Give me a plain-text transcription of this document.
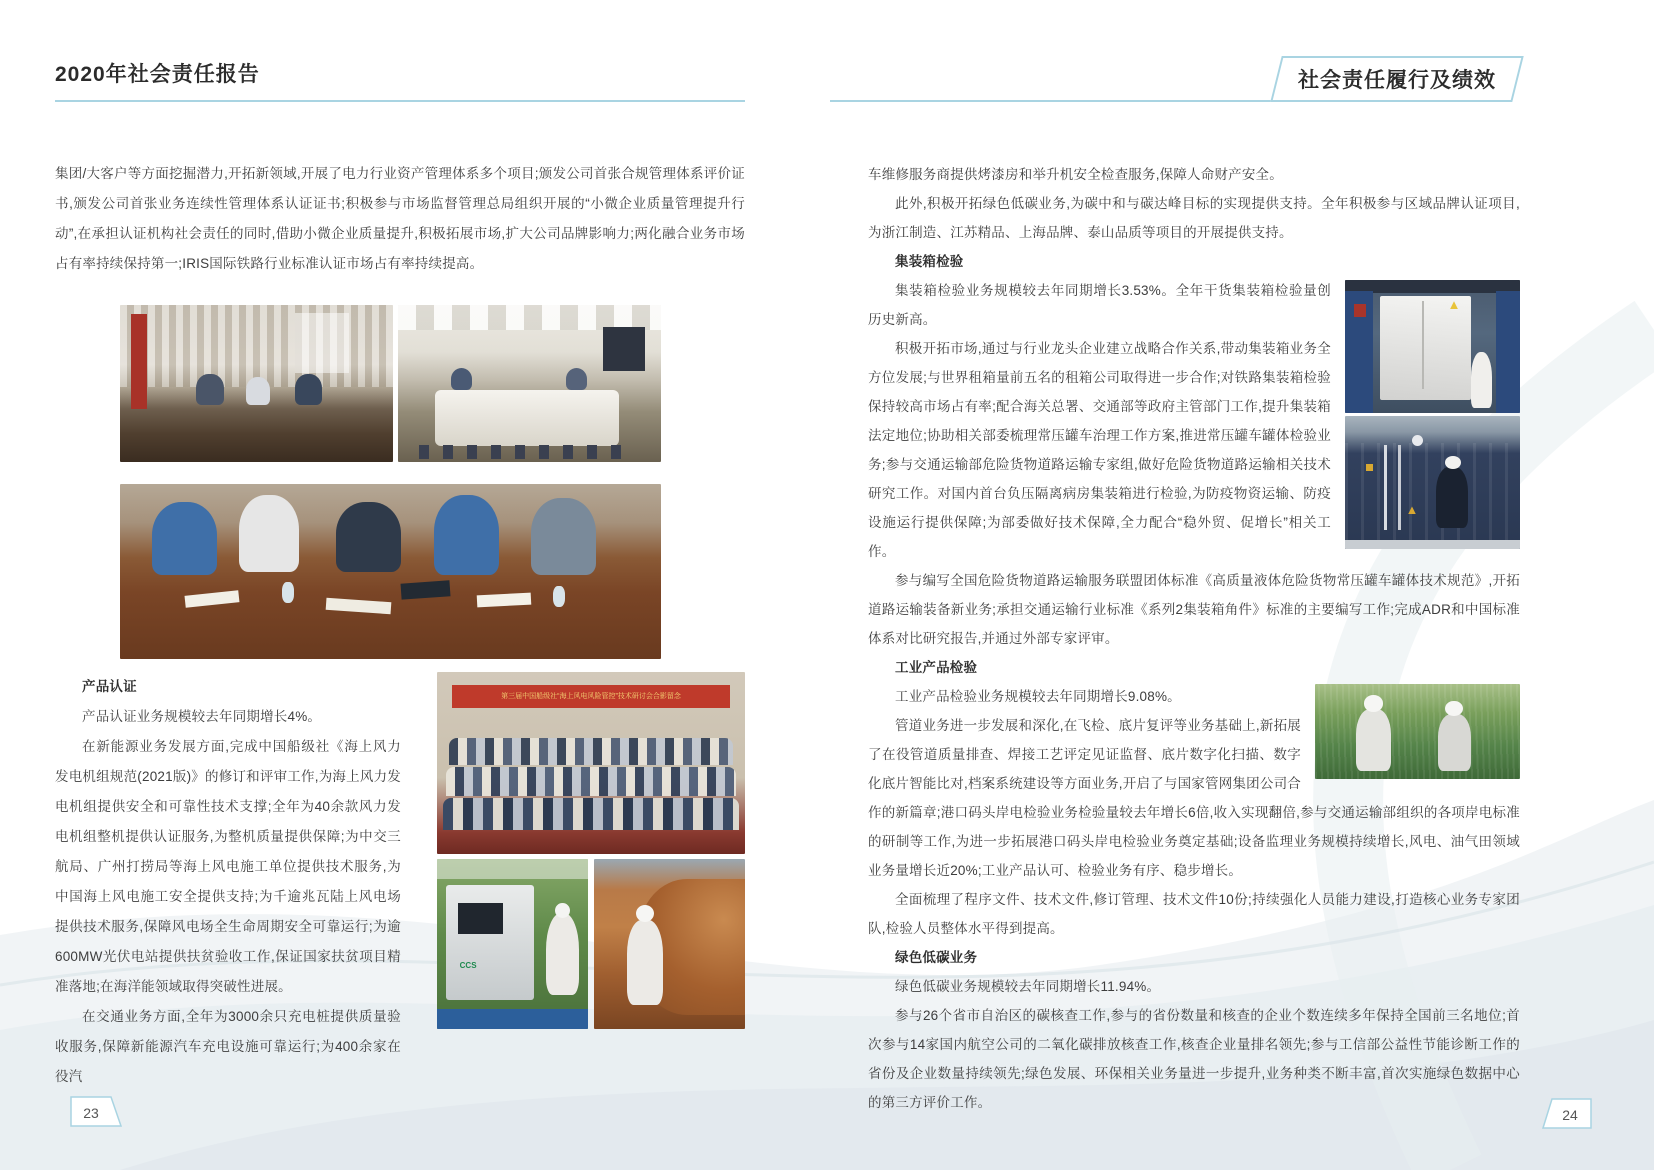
2020年社会责任报告

集团/大客户等方面挖掘潜力,开拓新领域,开展了电力行业资产管理体系多个项目;颁发公司首张合规管理体系评价证书,颁发公司首张业务连续性管理体系认证证书;积极参与市场监督管理总局组织开展的“小微企业质量管理提升行动”,在承担认证机构社会责任的同时,借助小微企业质量提升,积极拓展市场,扩大公司品牌影响力;两化融合业务市场占有率持续保持第一;IRIS国际铁路行业标准认证市场占有率持续提高。

产品认证

产品认证业务规模较去年同期增长4%。

在新能源业务发展方面,完成中国船级社《海上风力发电机组规范(2021版)》的修订和评审工作,为海上风力发电机组提供安全和可靠性技术支撑;全年为40余款风力发电机组整机提供认证服务,为整机质量提供保障;为中交三航局、广州打捞局等海上风电施工单位提供技术服务,为中国海上风电施工安全提供支持;为千逾兆瓦陆上风电场提供技术服务,保障风电场全生命周期安全可靠运行;为逾600MW光伏电站提供扶贫验收工作,保证国家扶贫项目精准落地;在海洋能领域取得突破性进展。

在交通业务方面,全年为3000余只充电桩提供质量验收服务,保障新能源汽车充电设施可靠运行;为400余家在役汽

第三届中国船级社“海上风电风险管控”技术研讨会合影留念
CCS
社会责任履行及绩效

车维修服务商提供烤漆房和举升机安全检查服务,保障人命财产安全。

此外,积极开拓绿色低碳业务,为碳中和与碳达峰目标的实现提供支持。全年积极参与区域品牌认证项目,为浙江制造、江苏精品、上海品牌、泰山品质等项目的开展提供支持。

集装箱检验

集装箱检验业务规模较去年同期增长3.53%。全年干货集装箱检验量创历史新高。

积极开拓市场,通过与行业龙头企业建立战略合作关系,带动集装箱业务全方位发展;与世界租箱量前五名的租箱公司取得进一步合作;对铁路集装箱检验保持较高市场占有率;配合海关总署、交通部等政府主管部门工作,提升集装箱法定地位;协助相关部委梳理常压罐车治理工作方案,推进常压罐车罐体检验业务;参与交通运输部危险货物道路运输专家组,做好危险货物道路运输相关技术研究工作。对国内首台负压隔离病房集装箱进行检验,为防疫物资运输、防疫设施运行提供保障;为部委做好技术保障,全力配合“稳外贸、促增长”相关工作。

参与编写全国危险货物道路运输服务联盟团体标准《高质量液体危险货物常压罐车罐体技术规范》,开拓道路运输装备新业务;承担交通运输行业标准《系列2集装箱角件》标准的主要编写工作;完成ADR和中国标准体系对比研究报告,并通过外部专家评审。

工业产品检验

工业产品检验业务规模较去年同期增长9.08%。

管道业务进一步发展和深化,在飞检、底片复评等业务基础上,新拓展了在役管道质量排查、焊接工艺评定见证监督、底片数字化扫描、数字化底片智能比对,档案系统建设等方面业务,开启了与国家管网集团公司合作的新篇章;港口码头岸电检验业务检验量较去年增长6倍,收入实现翻倍,参与交通运输部组织的各项岸电标准的研制等工作,为进一步拓展港口码头岸电检验业务奠定基础;设备监理业务规模持续增长,风电、油气田领域业务量增长近20%;工业产品认可、检验业务有序、稳步增长。

全面梳理了程序文件、技术文件,修订管理、技术文件10份;持续强化人员能力建设,打造核心业务专家团队,检验人员整体水平得到提高。

绿色低碳业务

绿色低碳业务规模较去年同期增长11.94%。

参与26个省市自治区的碳核查工作,参与的省份数量和核查的企业个数连续多年保持全国前三名地位;首次参与14家国内航空公司的二氧化碳排放核查工作,核查企业量排名领先;参与工信部公益性节能诊断工作的省份及企业数量持续领先;绿色发展、环保相关业务量进一步提升,业务种类不断丰富,首次实施绿色数据中心的第三方评价工作。

23	24
